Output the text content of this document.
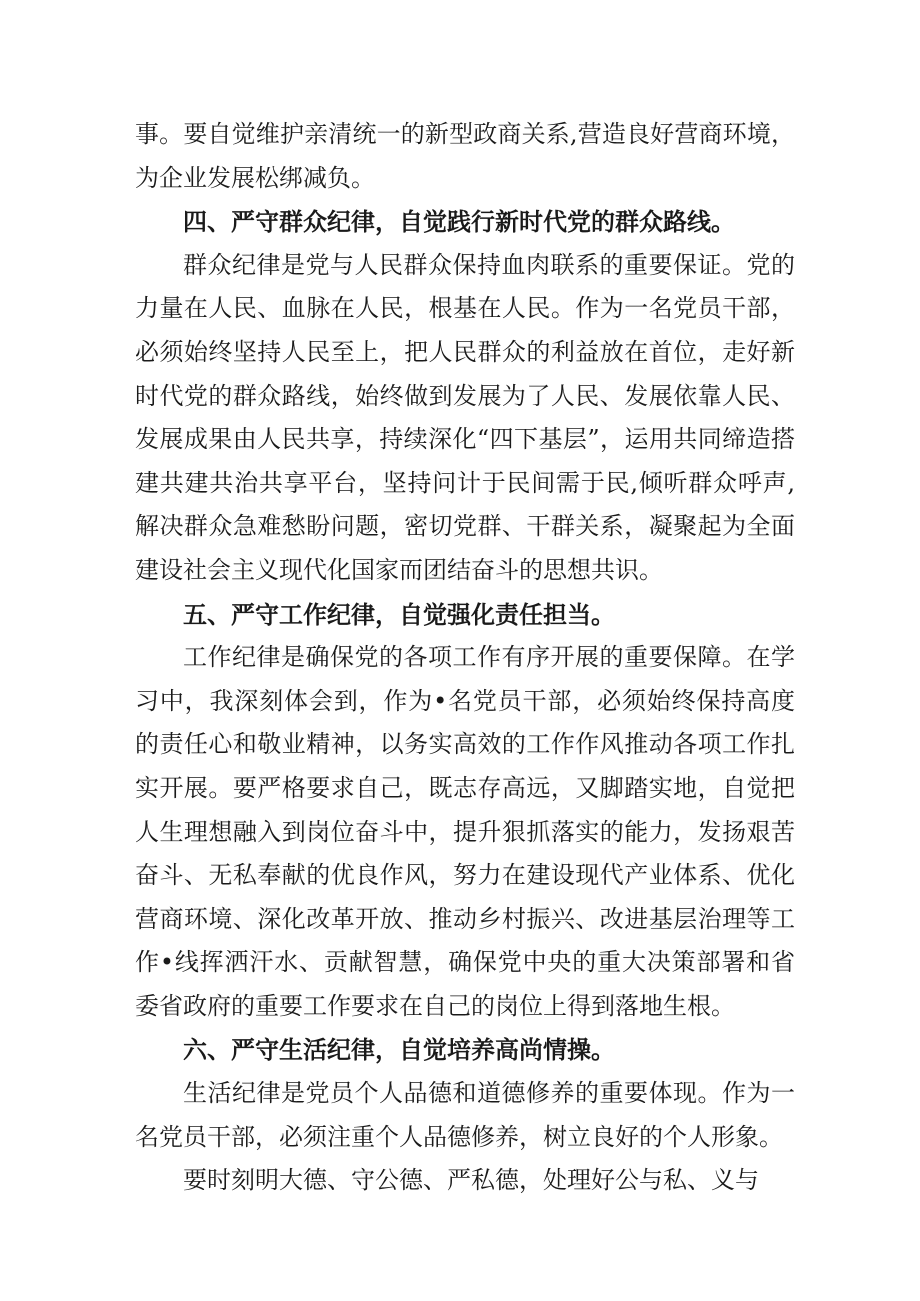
事。要自觉维护亲清统一的新型政商关系,营造良好营商环境，为企业发展松绑减负。

四、严守群众纪律，自觉践行新时代党的群众路线。

群众纪律是党与人民群众保持血肉联系的重要保证。党的力量在人民、血脉在人民，根基在人民。作为一名党员干部，必须始终坚持人民至上，把人民群众的利益放在首位，走好新时代党的群众路线，始终做到发展为了人民、发展依靠人民、发展成果由人民共享，持续深化“四下基层”，运用共同缔造搭建共建共治共享平台，坚持问计于民间需于民,倾听群众呼声,解决群众急难愁盼问题，密切党群、干群关系，凝聚起为全面建设社会主义现代化国家而团结奋斗的思想共识。

五、严守工作纪律，自觉强化责任担当。

工作纪律是确保党的各项工作有序开展的重要保障。在学习中，我深刻体会到，作为•名党员干部，必须始终保持高度的责任心和敬业精神，以务实高效的工作作风推动各项工作扎实开展。要严格要求自己，既志存高远，又脚踏实地，自觉把人生理想融入到岗位奋斗中，提升狠抓落实的能力，发扬艰苦奋斗、无私奉献的优良作风，努力在建设现代产业体系、优化营商环境、深化改革开放、推动乡村振兴、改进基层治理等工作•线挥洒汗水、贡献智慧，确保党中央的重大决策部署和省委省政府的重要工作要求在自己的岗位上得到落地生根。

六、严守生活纪律，自觉培养高尚情操。

生活纪律是党员个人品德和道德修养的重要体现。作为一名党员干部，必须注重个人品德修养，树立良好的个人形象。

要时刻明大德、守公德、严私德，处理好公与私、义与
